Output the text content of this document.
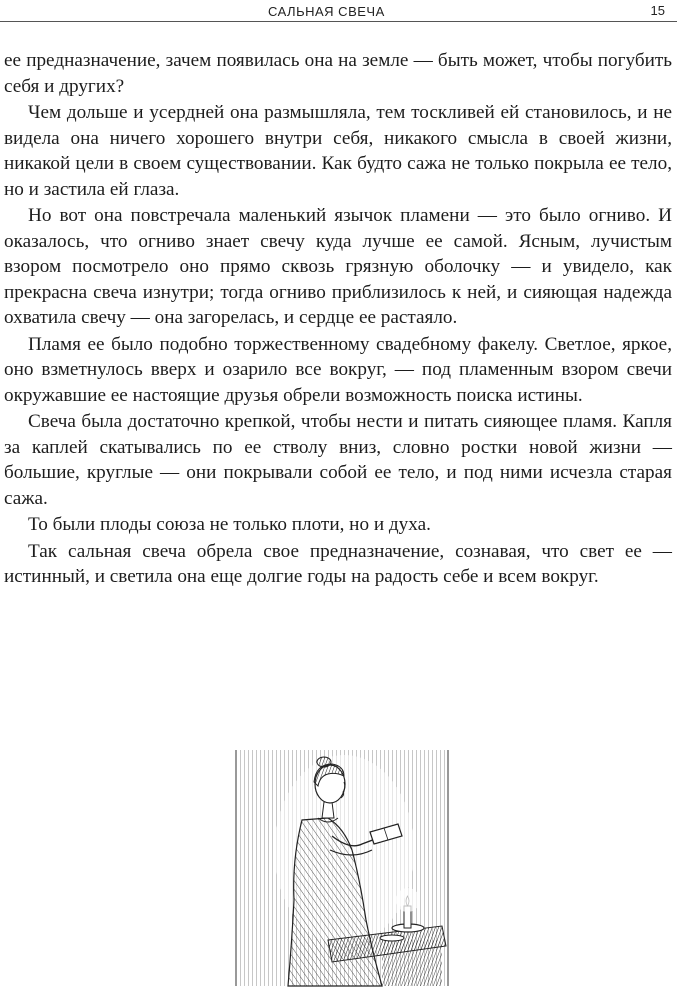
САЛЬНАЯ СВЕЧА	15

ее предназначение, зачем появилась она на земле — быть может, чтобы погубить себя и других?

Чем дольше и усердней она размышляла, тем тоскливей ей становилось, и не видела она ничего хорошего внутри себя, никакого смысла в своей жизни, никакой цели в своем существовании. Как будто сажа не только покрыла ее тело, но и застила ей глаза.

Но вот она повстречала маленький язычок пламени — это было огниво. И оказалось, что огниво знает свечу куда лучше ее самой. Ясным, лучистым взором посмотрело оно прямо сквозь грязную оболочку — и увидело, как прекрасна свеча изнутри; тогда огниво приблизилось к ней, и сияющая надежда охватила свечу — она загорелась, и сердце ее растаяло.

Пламя ее было подобно торжественному свадебному факелу. Светлое, яркое, оно взметнулось вверх и озарило все вокруг, — под пламенным взором свечи окружавшие ее настоящие друзья обрели возможность поиска истины.

Свеча была достаточно крепкой, чтобы нести и питать сияющее пламя. Капля за каплей скатывались по ее стволу вниз, словно ростки новой жизни — большие, круглые — они покрывали собой ее тело, и под ними исчезла старая сажа.

То были плоды союза не только плоти, но и духа.

Так сальная свеча обрела свое предназначение, сознавая, что свет ее — истинный, и светила она еще долгие годы на радость себе и всем вокруг.
